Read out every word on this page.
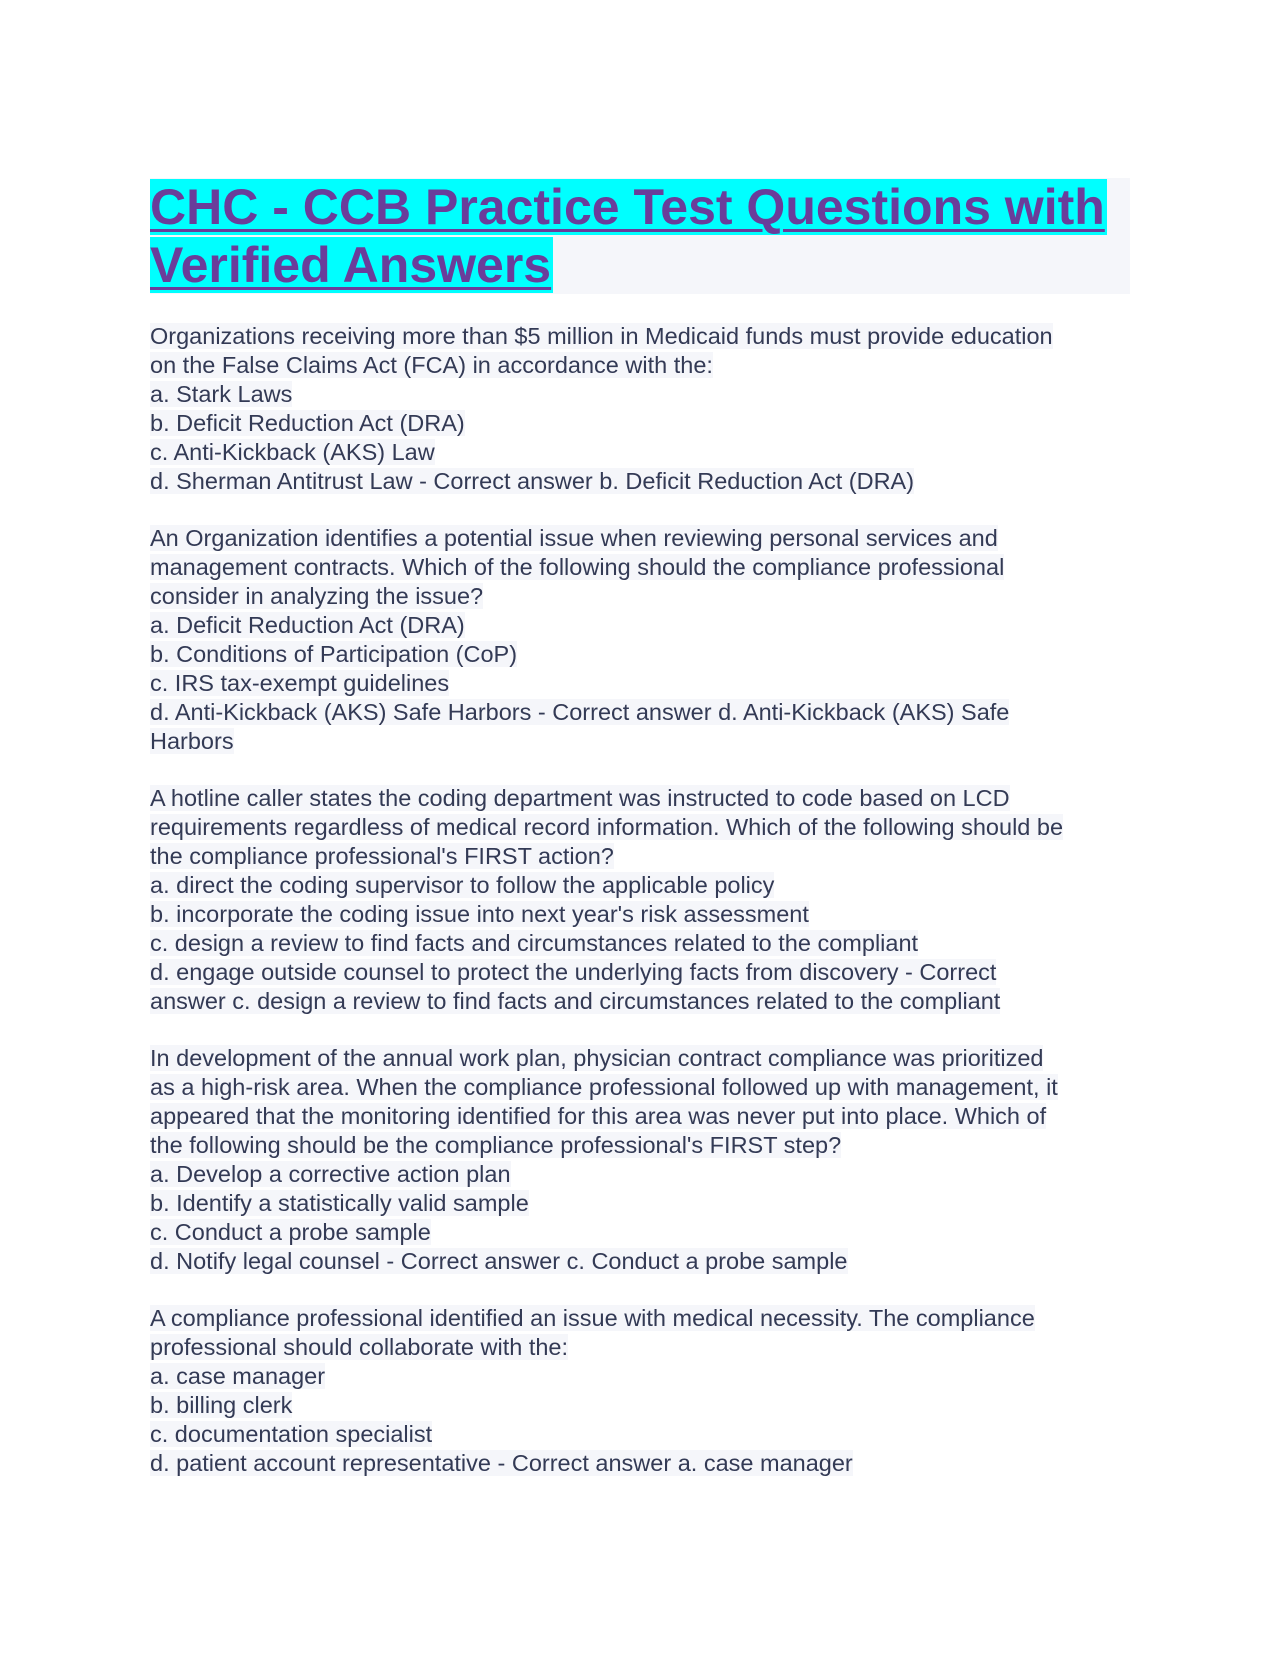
CHC - CCB Practice Test Questions with
Verified Answers
Organizations receiving more than $5 million in Medicaid funds must provide education
on the False Claims Act (FCA) in accordance with the:
a. Stark Laws
b. Deficit Reduction Act (DRA)
c. Anti-Kickback (AKS) Law
d. Sherman Antitrust Law - Correct answer b. Deficit Reduction Act (DRA)
An Organization identifies a potential issue when reviewing personal services and
management contracts. Which of the following should the compliance professional
consider in analyzing the issue?
a. Deficit Reduction Act (DRA)
b. Conditions of Participation (CoP)
c. IRS tax-exempt guidelines
d. Anti-Kickback (AKS) Safe Harbors - Correct answer d. Anti-Kickback (AKS) Safe
Harbors
A hotline caller states the coding department was instructed to code based on LCD
requirements regardless of medical record information. Which of the following should be
the compliance professional's FIRST action?
a. direct the coding supervisor to follow the applicable policy
b. incorporate the coding issue into next year's risk assessment
c. design a review to find facts and circumstances related to the compliant
d. engage outside counsel to protect the underlying facts from discovery - Correct
answer c. design a review to find facts and circumstances related to the compliant
In development of the annual work plan, physician contract compliance was prioritized
as a high-risk area. When the compliance professional followed up with management, it
appeared that the monitoring identified for this area was never put into place. Which of
the following should be the compliance professional's FIRST step?
a. Develop a corrective action plan
b. Identify a statistically valid sample
c. Conduct a probe sample
d. Notify legal counsel - Correct answer c. Conduct a probe sample
A compliance professional identified an issue with medical necessity. The compliance
professional should collaborate with the:
a. case manager
b. billing clerk
c. documentation specialist
d. patient account representative - Correct answer a. case manager
